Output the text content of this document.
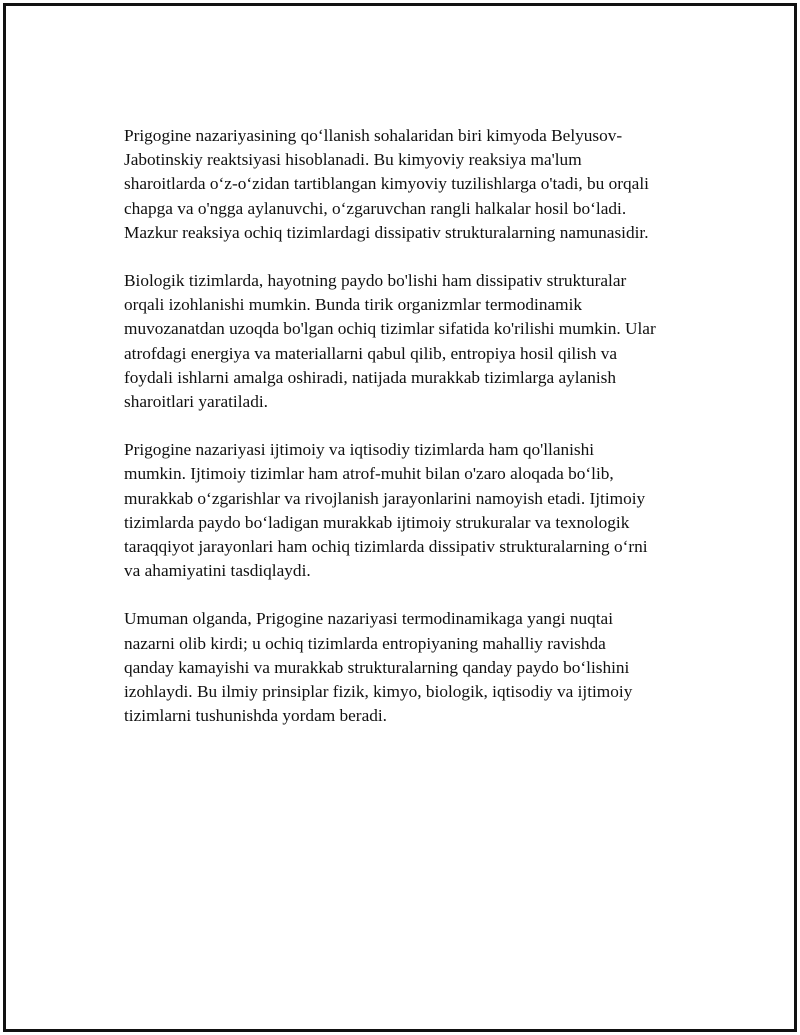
Prigogine nazariyasining qo‘llanish sohalaridan biri kimyoda Belyusov-
Jabotinskiy reaktsiyasi hisoblanadi. Bu kimyoviy reaksiya ma'lum
sharoitlarda o‘z-o‘zidan tartiblangan kimyoviy tuzilishlarga o'tadi, bu orqali
chapga va o'ngga aylanuvchi, o‘zgaruvchan rangli halkalar hosil bo‘ladi.
Mazkur reaksiya ochiq tizimlardagi dissipativ strukturalarning namunasidir.

Biologik tizimlarda, hayotning paydo bo'lishi ham dissipativ strukturalar
orqali izohlanishi mumkin. Bunda tirik organizmlar termodinamik
muvozanatdan uzoqda bo'lgan ochiq tizimlar sifatida ko'rilishi mumkin. Ular
atrofdagi energiya va materiallarni qabul qilib, entropiya hosil qilish va
foydali ishlarni amalga oshiradi, natijada murakkab tizimlarga aylanish
sharoitlari yaratiladi.

Prigogine nazariyasi ijtimoiy va iqtisodiy tizimlarda ham qo'llanishi
mumkin. Ijtimoiy tizimlar ham atrof-muhit bilan o'zaro aloqada bo‘lib,
murakkab o‘zgarishlar va rivojlanish jarayonlarini namoyish etadi. Ijtimoiy
tizimlarda paydo bo‘ladigan murakkab ijtimoiy strukuralar va texnologik
taraqqiyot jarayonlari ham ochiq tizimlarda dissipativ strukturalarning o‘rni
va ahamiyatini tasdiqlaydi.

Umuman olganda, Prigogine nazariyasi termodinamikaga yangi nuqtai
nazarni olib kirdi; u ochiq tizimlarda entropiyaning mahalliy ravishda
qanday kamayishi va murakkab strukturalarning qanday paydo bo‘lishini
izohlaydi. Bu ilmiy prinsiplar fizik, kimyo, biologik, iqtisodiy va ijtimoiy
tizimlarni tushunishda yordam beradi.
